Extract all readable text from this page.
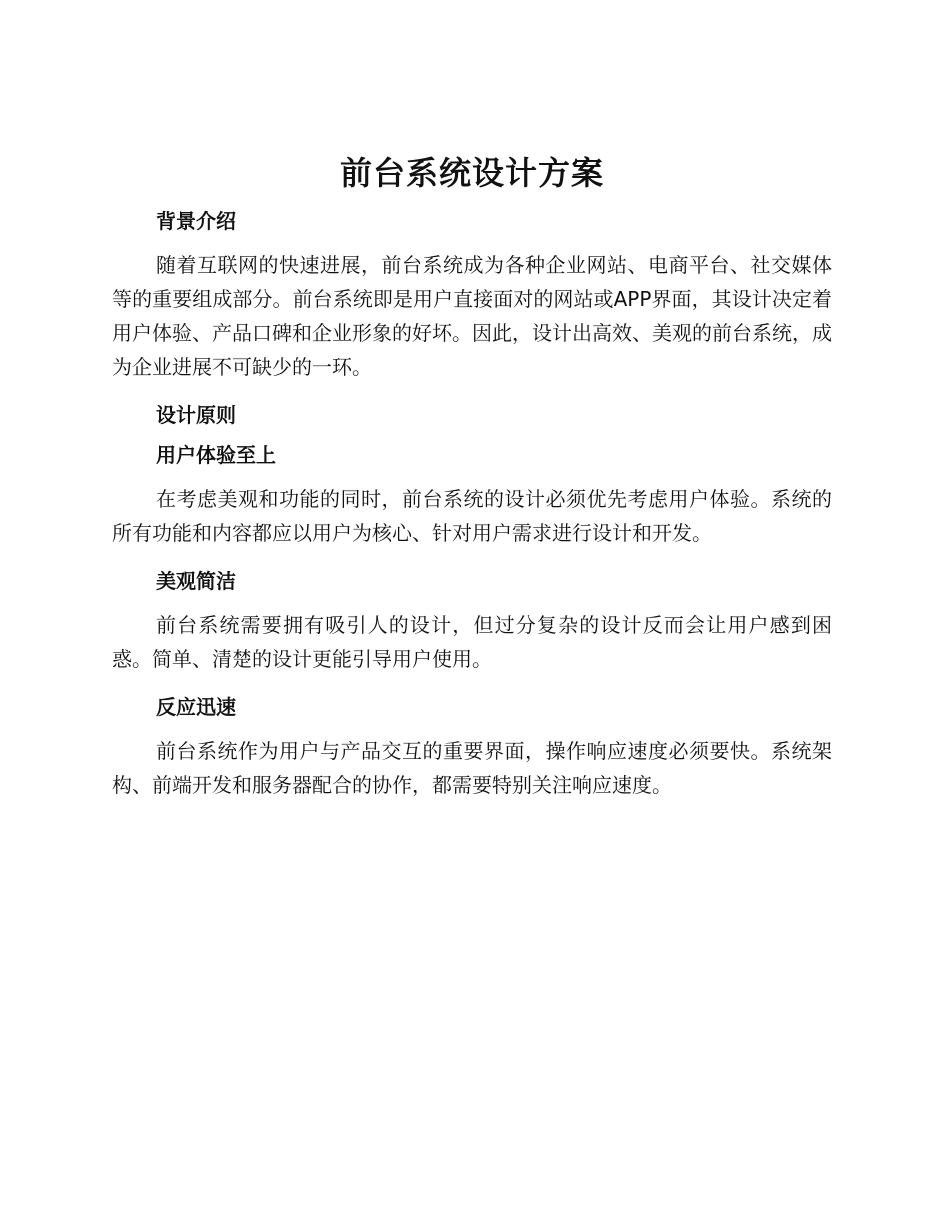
前台系统设计方案
背景介绍

随着互联网的快速进展，前台系统成为各种企业网站、电商平台、社交媒体等的重要组成部分。前台系统即是用户直接面对的网站或APP界面，其设计决定着用户体验、产品口碑和企业形象的好坏。因此，设计出高效、美观的前台系统，成为企业进展不可缺少的一环。

设计原则
用户体验至上

在考虑美观和功能的同时，前台系统的设计必须优先考虑用户体验。系统的所有功能和内容都应以用户为核心、针对用户需求进行设计和开发。

美观简洁

前台系统需要拥有吸引人的设计，但过分复杂的设计反而会让用户感到困惑。简单、清楚的设计更能引导用户使用。

反应迅速

前台系统作为用户与产品交互的重要界面，操作响应速度必须要快。系统架构、前端开发和服务器配合的协作，都需要特别关注响应速度。
